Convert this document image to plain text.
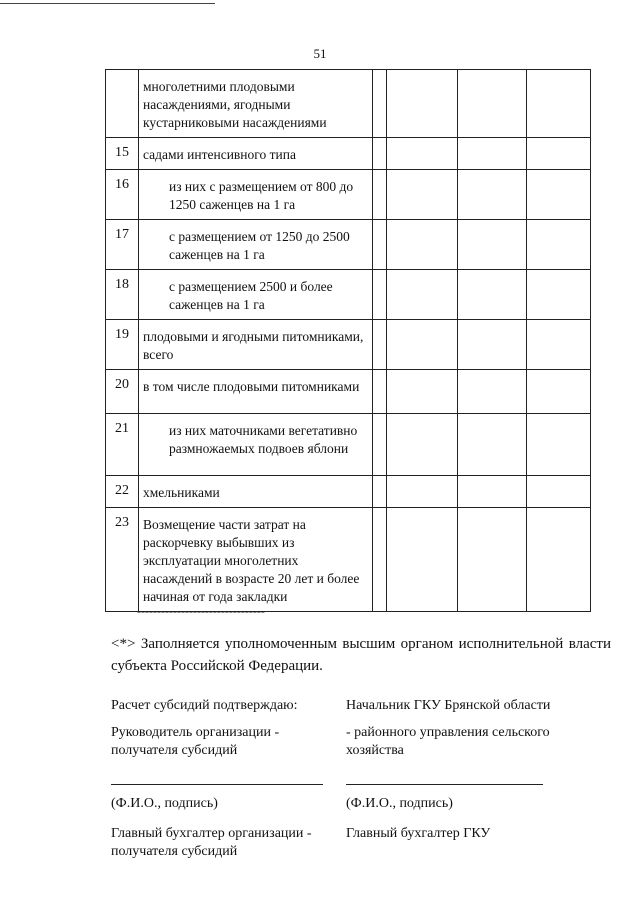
51

	многолетними плодовыми насаждениями, ягодными кустарниковыми насаждениями				

15	садами интенсивного типа				

16	из них с размещением от 800 до 1250 саженцев на 1 га				

17	с размещением от 1250 до 2500 саженцев на 1 га				

18	с размещением 2500 и более саженцев на 1 га				

19	плодовыми и ягодными питомниками, всего				

20	в том числе плодовыми питомниками				

21	из них маточниками вегетативно размножаемых подвоев яблони				

22	хмельниками				

23	Возмещение части затрат на раскорчевку выбывших из эксплуатации многолетних насаждений в возрасте 20 лет и более начиная от года закладки				

--------------------------------
<*> Заполняется уполномоченным высшим органом исполнительной власти субъекта Российской Федерации.
Расчет субсидий подтверждаю:
Руководитель организации - получателя субсидий
(Ф.И.О., подпись)
Главный бухгалтер организации - получателя субсидий
Начальник ГКУ Брянской области
- районного управления сельского хозяйства
(Ф.И.О., подпись)
Главный бухгалтер ГКУ
